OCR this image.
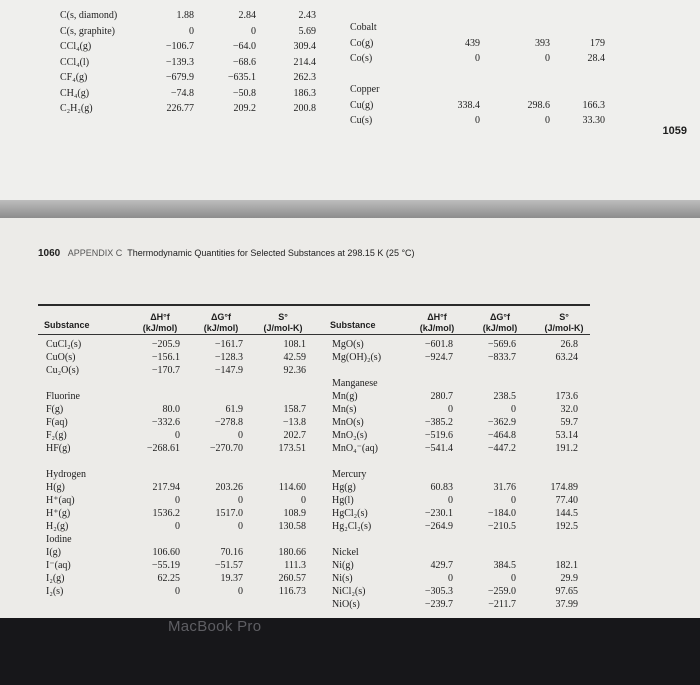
C(s, diamond)
C(s, graphite)
CCl₄(g)
CCl₄(l)
CF₄(g)
CH₄(g)
C₂H₂(g)
1.88
0
−106.7
−139.3
−679.9
−74.8
226.77
2.84
0
−64.0
−68.6
−635.1
−50.8
209.2
2.43
5.69
309.4
214.4
262.3
186.3
200.8
Cobalt
Co(g)
Co(s)
Copper
Cu(g)
Cu(s)
439
0
338.4
0
393
0
298.6
0
179
28.4
166.3
33.30
1059
1060 APPENDIX C Thermodynamic Quantities for Selected Substances at 298.15 K (25 °C)
Substance
ΔH°f
(kJ/mol)
ΔG°f
(kJ/mol)
S°
(J/mol-K)	Substance
ΔH°f
(kJ/mol)
ΔG°f
(kJ/mol)
S°
(J/mol-K)
CuCl₂(s)
CuO(s)
Cu₂O(s)
Fluorine
F(g)
F(aq)
F₂(g)
HF(g)
Hydrogen
H(g)
H⁺(aq)
H⁺(g)
H₂(g)
Iodine
I(g)
I⁻(aq)
I₂(g)
I₂(s)
−205.9
−156.1
−170.7
80.0
−332.6
0
−268.61
217.94
0
1536.2
0
106.60
−55.19
62.25
0
−161.7
−128.3
−147.9
61.9
−278.8
0
−270.70
203.26
0
1517.0
0
70.16
−51.57
19.37
0
108.1
42.59
92.36
158.7
−13.8
202.7
173.51
114.60
0
108.9
130.58
180.66
111.3
260.57
116.73
MgO(s)
Mg(OH)₂(s)
Manganese
Mn(g)
Mn(s)
MnO(s)
MnO₂(s)
MnO₄⁻(aq)
Mercury
Hg(g)
Hg(l)
HgCl₂(s)
Hg₂Cl₂(s)
Nickel
Ni(g)
Ni(s)
NiCl₂(s)
NiO(s)
−601.8
−924.7
280.7
0
−385.2
−519.6
−541.4
60.83
0
−230.1
−264.9
429.7
0
−305.3
−239.7
−569.6
−833.7
238.5
0
−362.9
−464.8
−447.2
31.76
0
−184.0
−210.5
384.5
0
−259.0
−211.7
26.8
63.24
173.6
32.0
59.7
53.14
191.2
174.89
77.40
144.5
192.5
182.1
29.9
97.65
37.99
MacBook Pro
